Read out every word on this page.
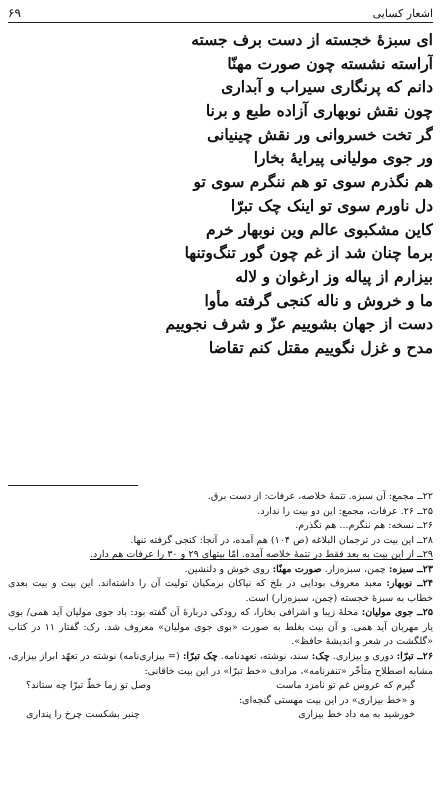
اشعار کسایی
۶۹
ای سبزهٔ خجسته از دست برف جسته
آراسته نشسته چون صورت مهنّا
دانم که پرنگاری سیراب و آبداری
چون نقش نوبهاری آزاده طبع و برنا
گر تخت خسروانی ور نقش چینیانی
ور جوی مولیانی پیرایهٔ بخارا
هم نگذرم سوی تو هم ننگرم سوی تو
دل ناورم سوی تو اینک چک تبرّا
کاین مشکبوی عالم وین نوبهار خرم
برما چنان شد از غم چون گور تنگ‌وتنها
بیزارم از پیاله وز ارغوان و لاله
ما و خروش و ناله کنجی گرفته مأوا
دست از جهان بشوییم عزّ و شرف نجوییم
مدح و غزل نگوییم مقتل کنم تقاضا
۲۲ــ مجمع: آن سبزه. تتمهٔ خلاصه، عرفات: از دست برق.
۲۵ــ ۲۶. عرفات، مجمع: این دو بیت را ندارد.
۲۶ــ نسخه: هم ننگرم... هم نگذرم.
۲۸ــ این بیت در ترجمان البلاغه (ص ۱۰۴) هم آمده، در آنجا: کنجی گرفته تنها.
۲۹ــ از این بیت به بعد فقط در تتمهٔ خلاصه آمده. امّا بیتهای ۲۹ و ۳۰ را عرفات هم دارد.
۲۳ــ سبزه: چمن، سبزه‌زار. صورت مهنّا: روی خوش و دلنشین.
۲۴ــ نوبهار: معبد معروف بودایی در بلخ که نیاکان برمکیان تولیت آن را داشته‌اند. این بیت و بیت بعدی خطاب به سبزهٔ خجسته (چمن، سبزه‌زار) است.
۲۵ــ جوی مولیان: محلهٔ زیبا و اشرافی بخارا، که رودکی دربارهٔ آن گفته بود: باد جوی مولیان آید همی/ بوی یار مهربان آید همی. و آن بیت بغلط به صورت «بوی جوی مولیان» معروف شد. رک: گفتار ۱۱ در کتاب «گلگشت در شعر و اندیشهٔ حافظ».
۲۶ــ تبرّا: دوری و بیزاری. چک: سند، نوشته، تعهدنامه. چک تبرّا: (= بیزاری‌نامه) نوشته در تعهّد ابراز بیزاری، مشابه اصطلاح متأخّر «تنفرنامه»، مرادف «خط تبرّا» در این بیت خاقانی:
گیرم که عروس غم تو نامزد ماست
وصل تو زما خطّ تبرّا چه ستاند؟
و «خط بیزاری» در این بیت مهستی گنجه‌ای:
خورشید به مه داد خط بیزاری
چنبر بشکست چرخ را پنداری
